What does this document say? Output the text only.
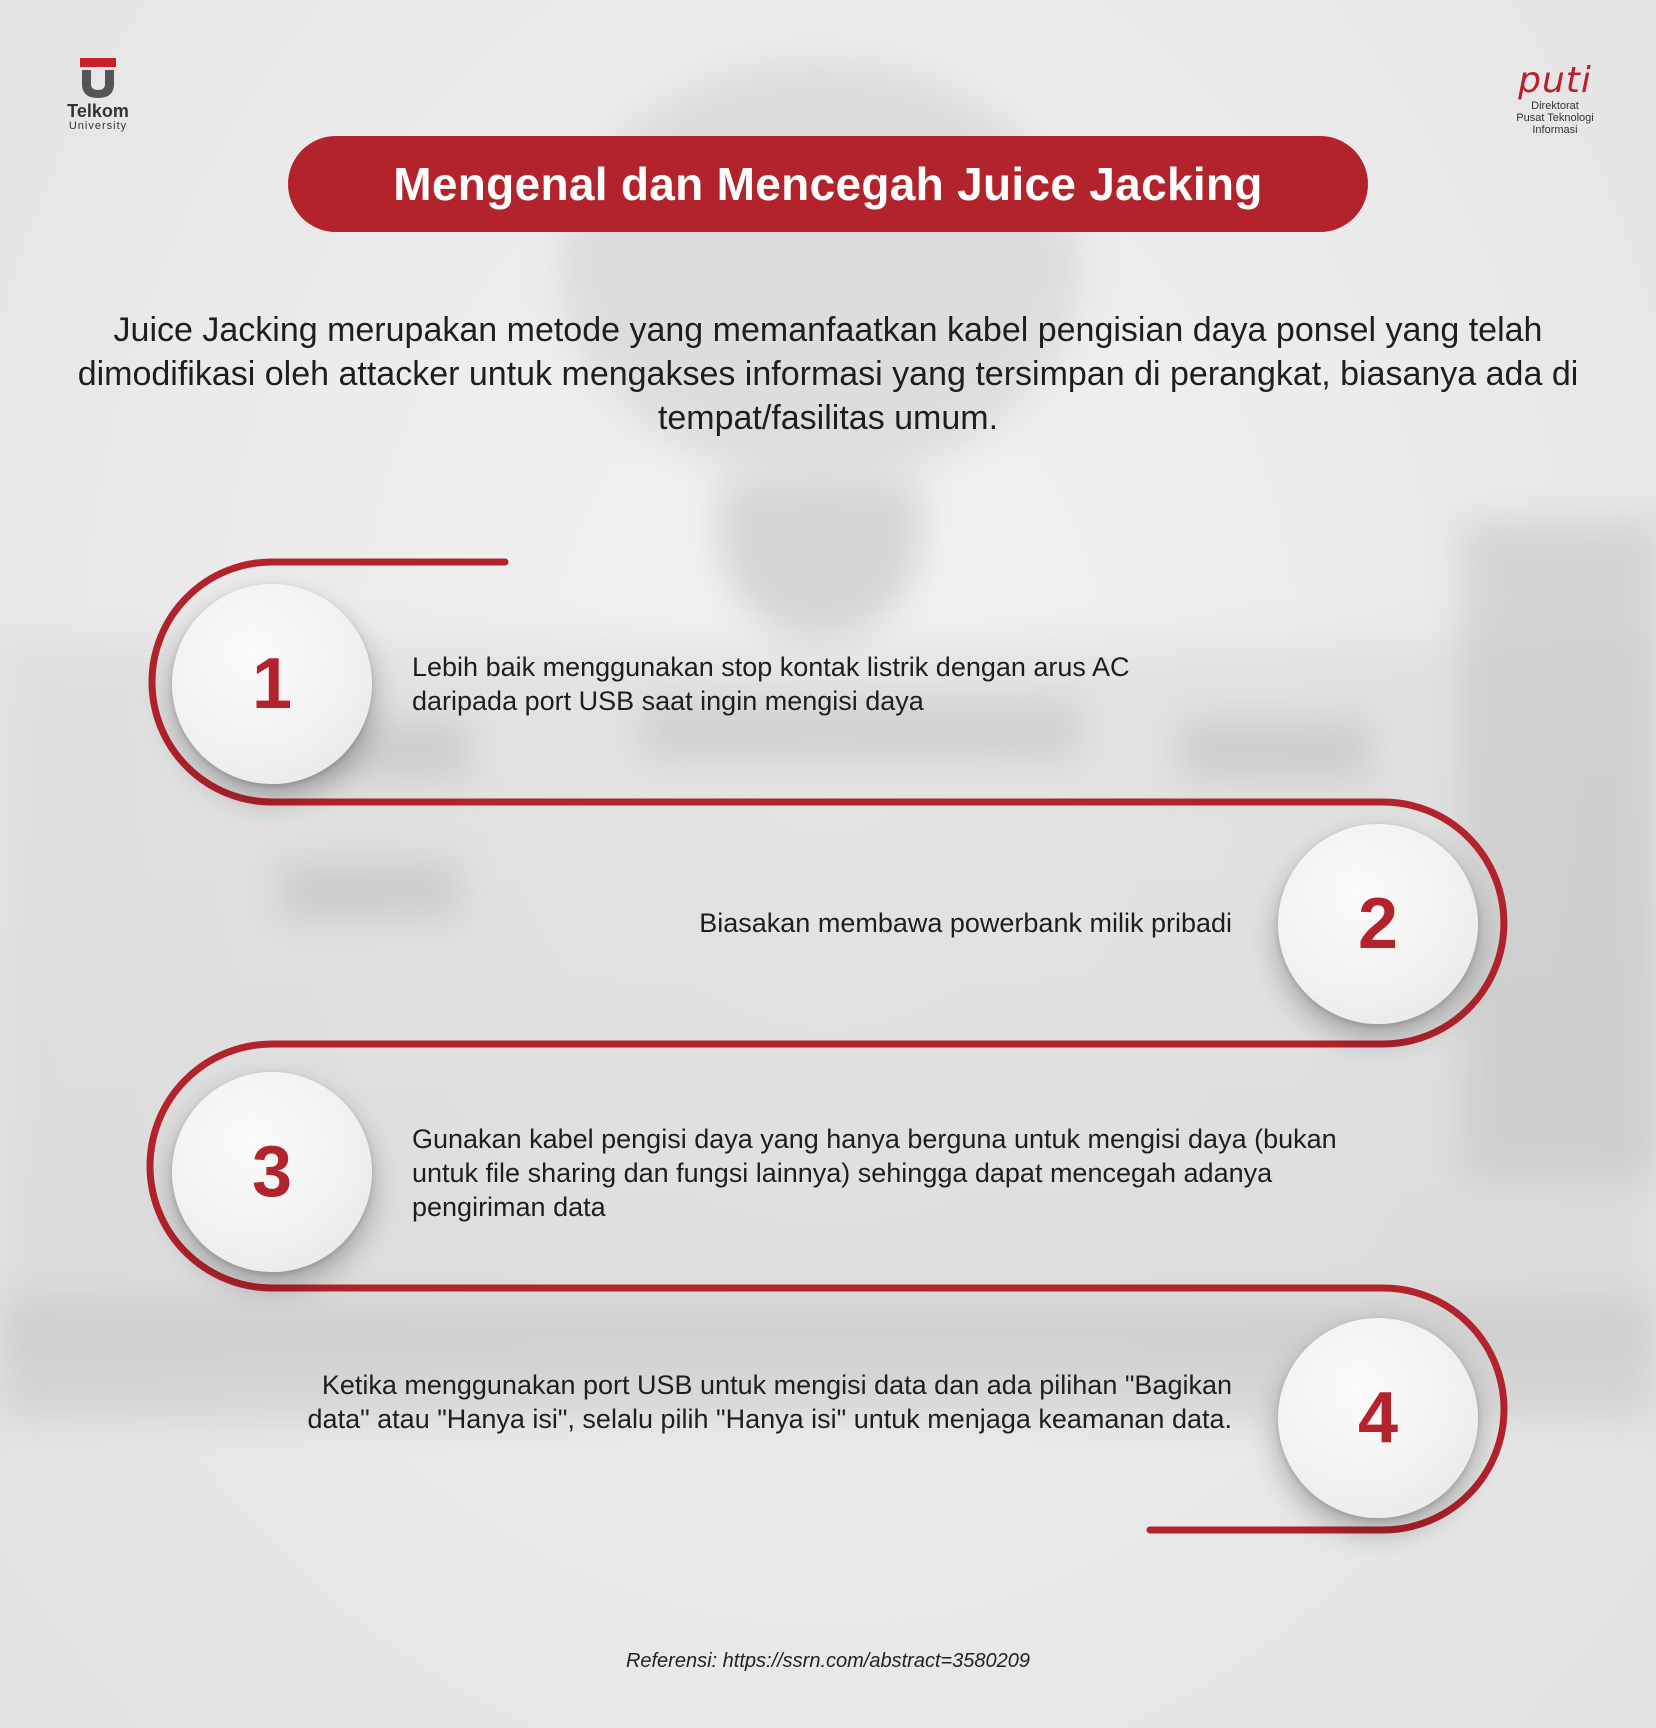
Telkom
University
puti
Direktorat
Pusat Teknologi
Informasi
Mengenal dan Mencegah Juice Jacking
Juice Jacking merupakan metode yang memanfaatkan kabel pengisian daya ponsel yang telah dimodifikasi oleh attacker untuk mengakses informasi yang tersimpan di perangkat, biasanya ada di tempat/fasilitas umum.
1	Lebih baik menggunakan stop kontak listrik dengan arus AC daripada port USB saat ingin mengisi daya
2
Biasakan membawa powerbank milik pribadi
3	Gunakan kabel pengisi daya yang hanya berguna untuk mengisi daya (bukan untuk file sharing dan fungsi lainnya) sehingga dapat mencegah adanya pengiriman data
4
Ketika menggunakan port USB untuk mengisi data dan ada pilihan "Bagikan data" atau "Hanya isi", selalu pilih "Hanya isi" untuk menjaga keamanan data.
Referensi: https://ssrn.com/abstract=3580209
